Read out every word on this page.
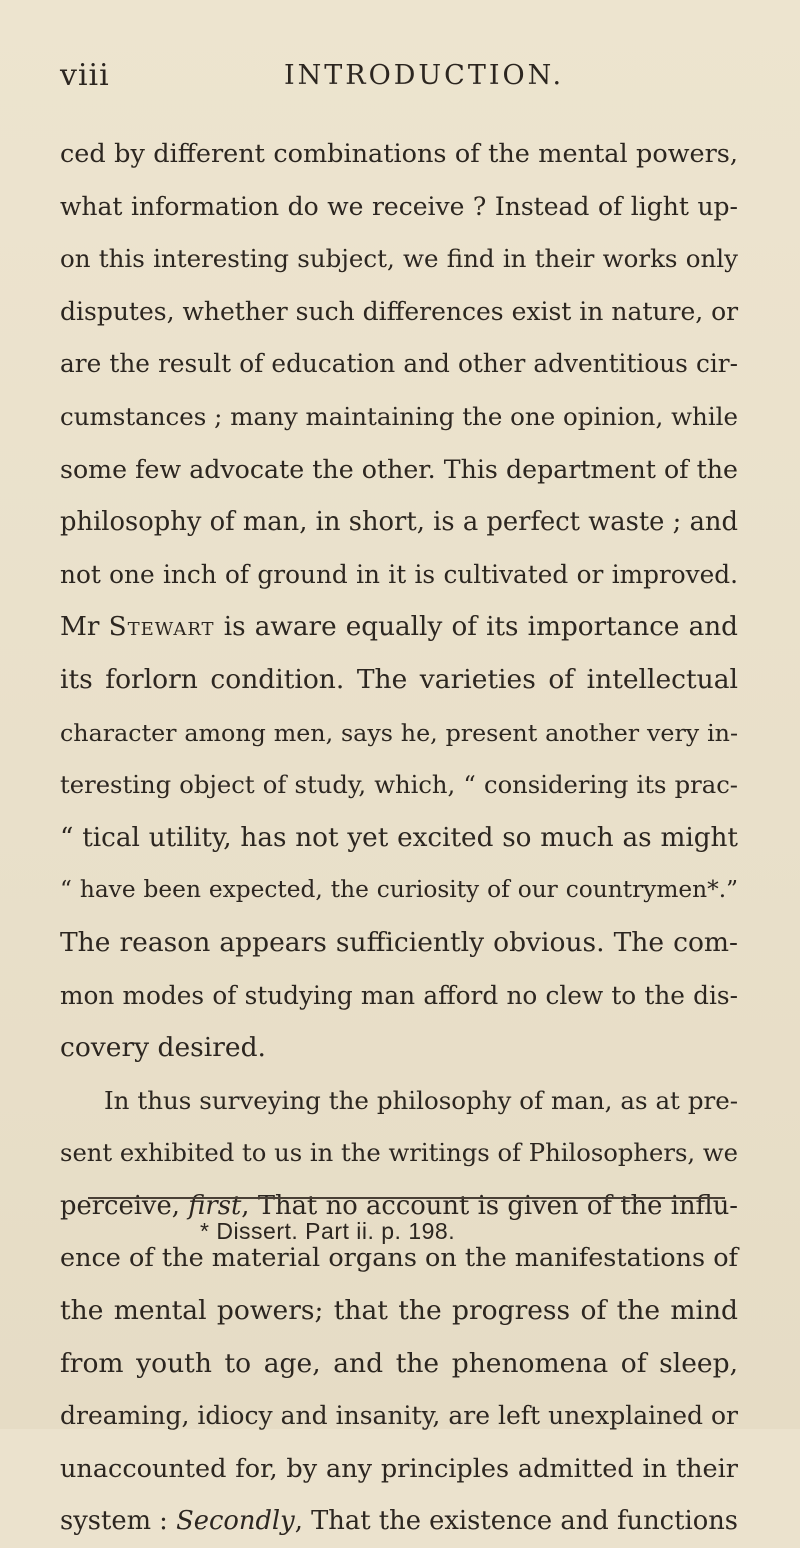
viii	INTRODUCTION.
ced by different combinations of the mental powers,
what information do we receive ? Instead of light up-
on this interesting subject, we find in their works only
disputes, whether such differences exist in nature, or
are the result of education and other adventitious cir-
cumstances ; many maintaining the one opinion, while
some few advocate the other. This department of the
philosophy of man, in short, is a perfect waste ; and
not one inch of ground in it is cultivated or improved.
Mr Stewart is aware equally of its importance and
its forlorn condition. The varieties of intellectual
character among men, says he, present another very in-
teresting object of study, which, “ considering its prac-
“ tical utility, has not yet excited so much as might
“ have been expected, the curiosity of our countrymen*.”
The reason appears sufficiently obvious. The com-
mon modes of studying man afford no clew to the dis-
covery desired.
In thus surveying the philosophy of man, as at pre-
sent exhibited to us in the writings of Philosophers, we
perceive, first, That no account is given of the influ-
ence of the material organs on the manifestations of
the mental powers; that the progress of the mind
from youth to age, and the phenomena of sleep,
dreaming, idiocy and insanity, are left unexplained or
unaccounted for, by any principles admitted in their
system : Secondly, That the existence and functions
* Dissert. Part ii. p. 198.
